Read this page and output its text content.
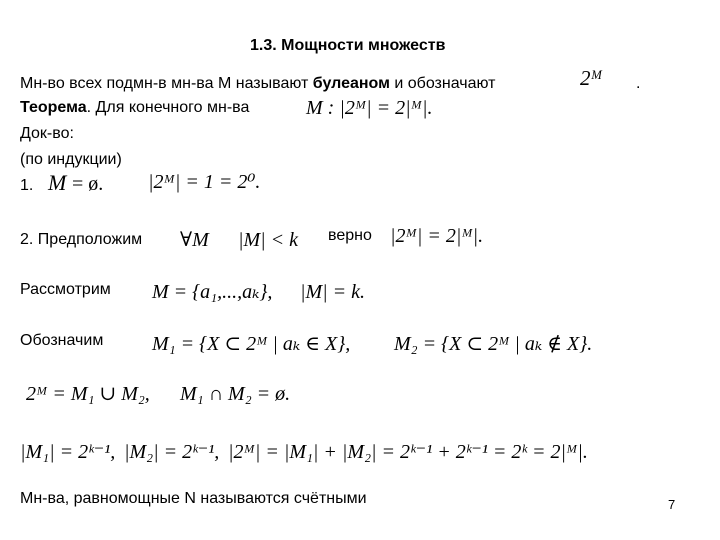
1.3. Мощности множеств
Мн-во всех подмн-в мн-ва М называют булеаном и обозначают	2ᴹ .
Теорема. Для конечного мн-ва	M : |2ᴹ| = 2|ᴹ|.
Док-во:
(по индукции)
1. M = ø. |2ᴹ| = 1 = 2⁰.
2. Предположим ∀M |M| < k верно |2ᴹ| = 2|ᴹ|.
Рассмотрим M = {a₁,...,aₖ}, |M| = k.
Обозначим M₁ = {X ⊂ 2ᴹ | aₖ ∈ X}, M₂ = {X ⊂ 2ᴹ | aₖ ∉ X}.
2ᴹ = M₁ ∪ M₂, M₁ ∩ M₂ = ø.
|M₁| = 2ᵏ⁻¹, |M₂| = 2ᵏ⁻¹, |2ᴹ| = |M₁| + |M₂| = 2ᵏ⁻¹ + 2ᵏ⁻¹ = 2ᵏ = 2|ᴹ|.
Мн-ва, равномощные N называются счётными	7
